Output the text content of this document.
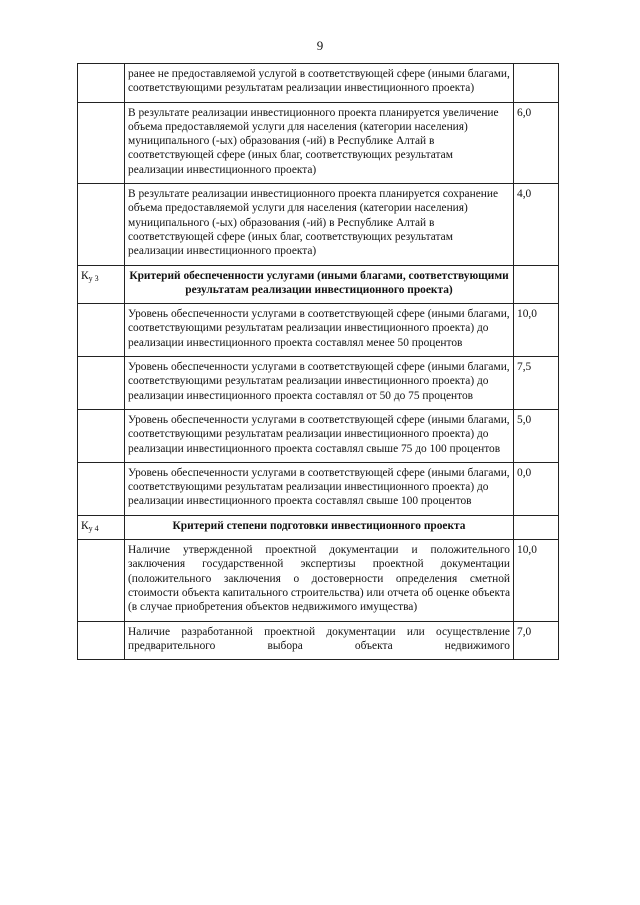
9
	ранее не предоставляемой услугой в соответствующей сфере (иными благами, соответствующими результатам реализации инвестиционного проекта)	
	В результате реализации инвестиционного проекта планируется увеличение объема предоставляемой услуги для населения (категории населения) муниципального (-ых) образования (-ий) в Республике Алтай в соответствующей сфере (иных благ, соответствующих результатам реализации инвестиционного проекта)	6,0
	В результате реализации инвестиционного проекта планируется сохранение объема предоставляемой услуги для населения (категории населения) муниципального (-ых) образования (-ий) в Республике Алтай в соответствующей сфере (иных благ, соответствующих результатам реализации инвестиционного проекта)	4,0
$К_{у 3}$	Критерий обеспеченности услугами (иными благами, соответствующими результатам реализации инвестиционного проекта)	
	Уровень обеспеченности услугами в соответствующей сфере (иными благами, соответствующими результатам реализации инвестиционного проекта) до реализации инвестиционного проекта составлял менее 50 процентов	10,0
	Уровень обеспеченности услугами в соответствующей сфере (иными благами, соответствующими результатам реализации инвестиционного проекта) до реализации инвестиционного проекта составлял от 50 до 75 процентов	7,5
	Уровень обеспеченности услугами в соответствующей сфере (иными благами, соответствующими результатам реализации инвестиционного проекта) до реализации инвестиционного проекта составлял свыше 75 до 100 процентов	5,0
	Уровень обеспеченности услугами в соответствующей сфере (иными благами, соответствующими результатам реализации инвестиционного проекта) до реализации инвестиционного проекта составлял свыше 100 процентов	0,0
$К_{у 4}$	Критерий степени подготовки инвестиционного проекта	
	Наличие утвержденной проектной документации и положительного заключения государственной экспертизы проектной документации (положительного заключения о достоверности определения сметной стоимости объекта капитального строительства) или отчета об оценке объекта (в случае приобретения объектов недвижимого имущества)	10,0
	Наличие разработанной проектной документации или осуществление предварительного выбора объекта недвижимого	7,0
